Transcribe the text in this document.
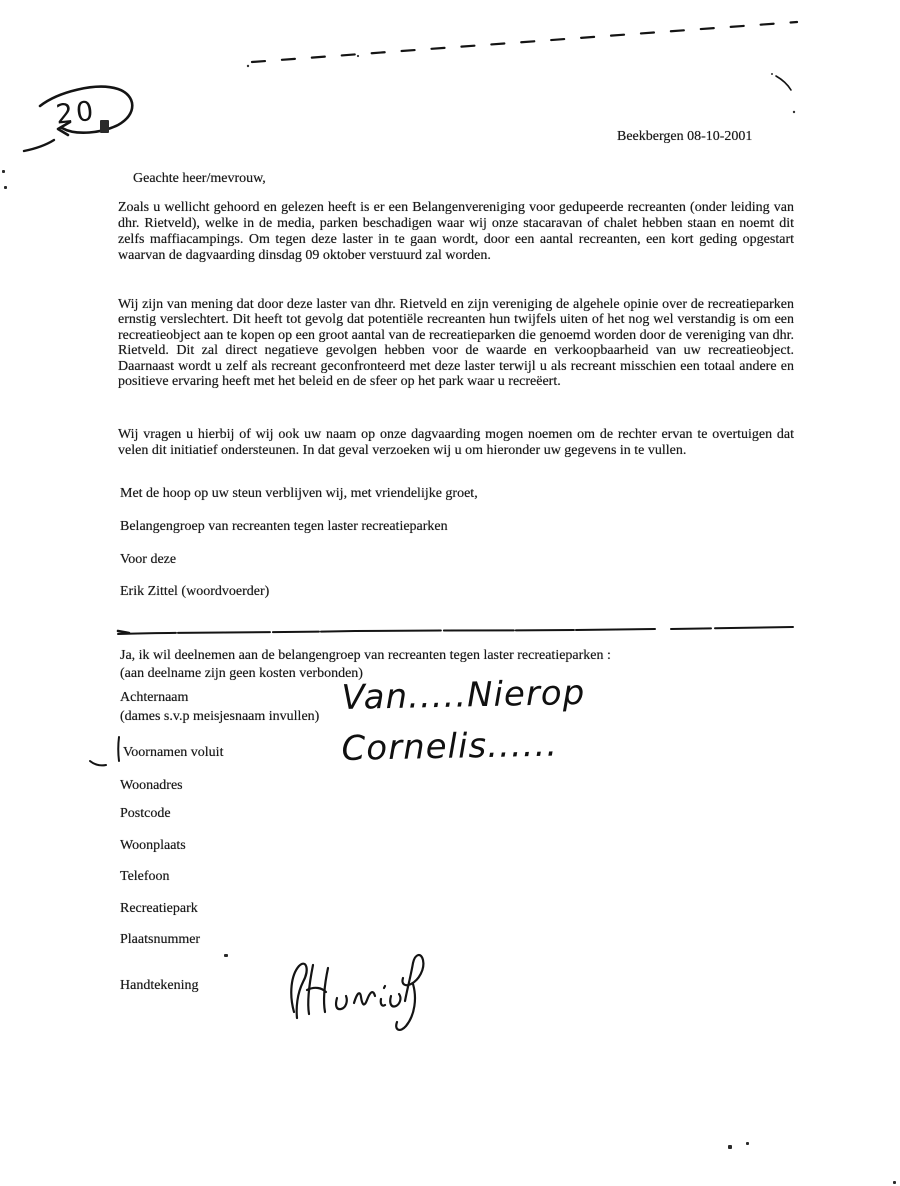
20
Beekbergen 08-10-2001
Geachte heer/mevrouw,
Zoals u wellicht gehoord en gelezen heeft is er een Belangenvereniging voor gedupeerde recreanten (onder leiding van dhr. Rietveld), welke in de media, parken beschadigen waar wij onze stacaravan of chalet hebben staan en noemt dit zelfs maffiacampings. Om tegen deze laster in te gaan wordt, door een aantal recreanten, een kort geding opgestart waarvan de dagvaarding dinsdag 09 oktober verstuurd zal worden.
Wij zijn van mening dat door deze laster van dhr. Rietveld en zijn vereniging de algehele opinie over de recreatieparken ernstig verslechtert. Dit heeft tot gevolg dat potentiële recreanten hun twijfels uiten of het nog wel verstandig is om een recreatieobject aan te kopen op een groot aantal van de recreatieparken die genoemd worden door de vereniging van dhr. Rietveld. Dit zal direct negatieve gevolgen hebben voor de waarde en verkoopbaarheid van uw recreatieobject. Daarnaast wordt u zelf als recreant geconfronteerd met deze laster terwijl u als recreant misschien een totaal andere en positieve ervaring heeft met het beleid en de sfeer op het park waar u recreëert.
Wij vragen u hierbij of wij ook uw naam op onze dagvaarding mogen noemen om de rechter ervan te overtuigen dat velen dit initiatief ondersteunen. In dat geval verzoeken wij u om hieronder uw gegevens in te vullen.
Met de hoop op uw steun verblijven wij, met vriendelijke groet,
Belangengroep van recreanten tegen laster recreatieparken
Voor deze
Erik Zittel (woordvoerder)
Ja, ik wil deelnemen aan de belangengroep van recreanten tegen laster recreatieparken :
(aan deelname zijn geen kosten verbonden)
Achternaam
(dames s.v.p meisjesnaam invullen)
Voornamen voluit
Woonadres
Postcode
Woonplaats
Telefoon
Recreatiepark
Plaatsnummer
Handtekening
Van.....Nierop
Cornelis......
